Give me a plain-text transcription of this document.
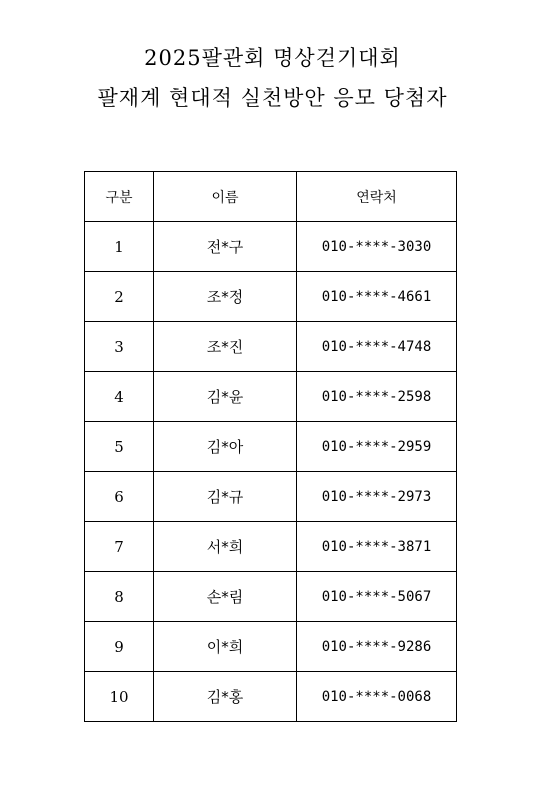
2025팔관회 명상걷기대회
팔재계 현대적 실천방안 응모 당첨자
구분	이름	연락처
1	전*구	010-****-3030
2	조*정	010-****-4661
3	조*진	010-****-4748
4	김*윤	010-****-2598
5	김*아	010-****-2959
6	김*규	010-****-2973
7	서*희	010-****-3871
8	손*림	010-****-5067
9	이*희	010-****-9286
10	김*홍	010-****-0068
